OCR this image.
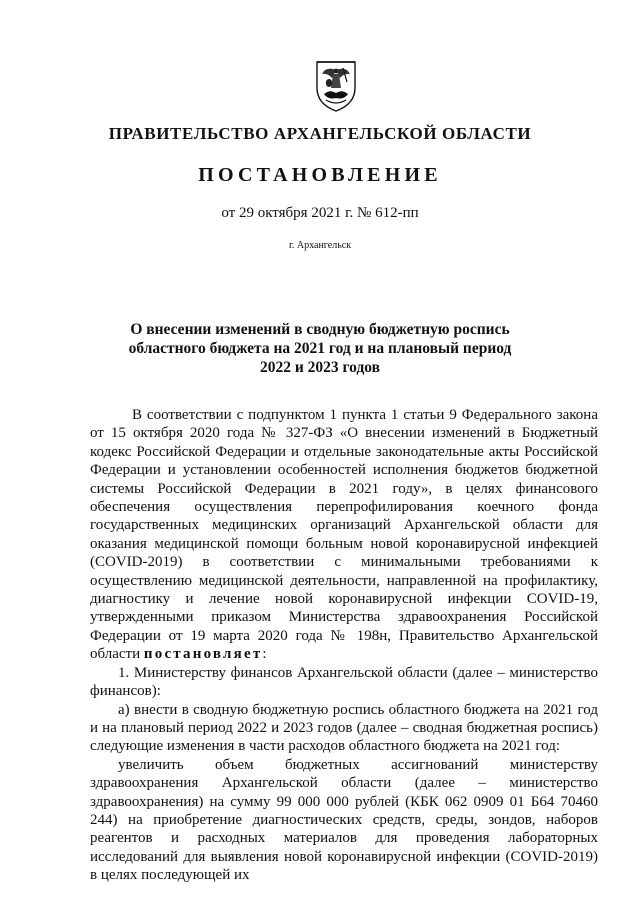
ПРАВИТЕЛЬСТВО АРХАНГЕЛЬСКОЙ ОБЛАСТИ
ПОСТАНОВЛЕНИЕ
от 29 октября 2021 г. № 612-пп
г. Архангельск
О внесении изменений в сводную бюджетную роспись
областного бюджета на 2021 год и на плановый период
2022 и 2023 годов

В соответствии с подпунктом 1 пункта 1 статьи 9 Федерального закона от 15 октября 2020 года № 327-ФЗ «О внесении изменений в Бюджетный кодекс Российской Федерации и отдельные законодательные акты Российской Федерации и установлении особенностей исполнения бюджетов бюджетной системы Российской Федерации в 2021 году», в целях финансового обеспечения осуществления перепрофилирования коечного фонда государственных медицинских организаций Архангельской области для оказания медицинской помощи больным новой коронавирусной инфекцией (COVID-2019) в соответствии с минимальными требованиями к осуществлению медицинской деятельности, направленной на профилактику, диагностику и лечение новой коронавирусной инфекции COVID-19, утвержденными приказом Министерства здравоохранения Российской Федерации от 19 марта 2020 года № 198н, Правительство Архангельской области постановляет:

1. Министерству финансов Архангельской области (далее – министерство финансов):

а) внести в сводную бюджетную роспись областного бюджета на 2021 год и на плановый период 2022 и 2023 годов (далее – сводная бюджетная роспись) следующие изменения в части расходов областного бюджета на 2021 год:

увеличить объем бюджетных ассигнований министерству здравоохранения Архангельской области (далее – министерство здравоохранения) на сумму 99 000 000 рублей (КБК 062 0909 01 Б64 70460 244) на приобретение диагностических средств, среды, зондов, наборов реагентов и расходных материалов для проведения лабораторных исследований для выявления новой коронавирусной инфекции (COVID-2019) в целях последующей их
